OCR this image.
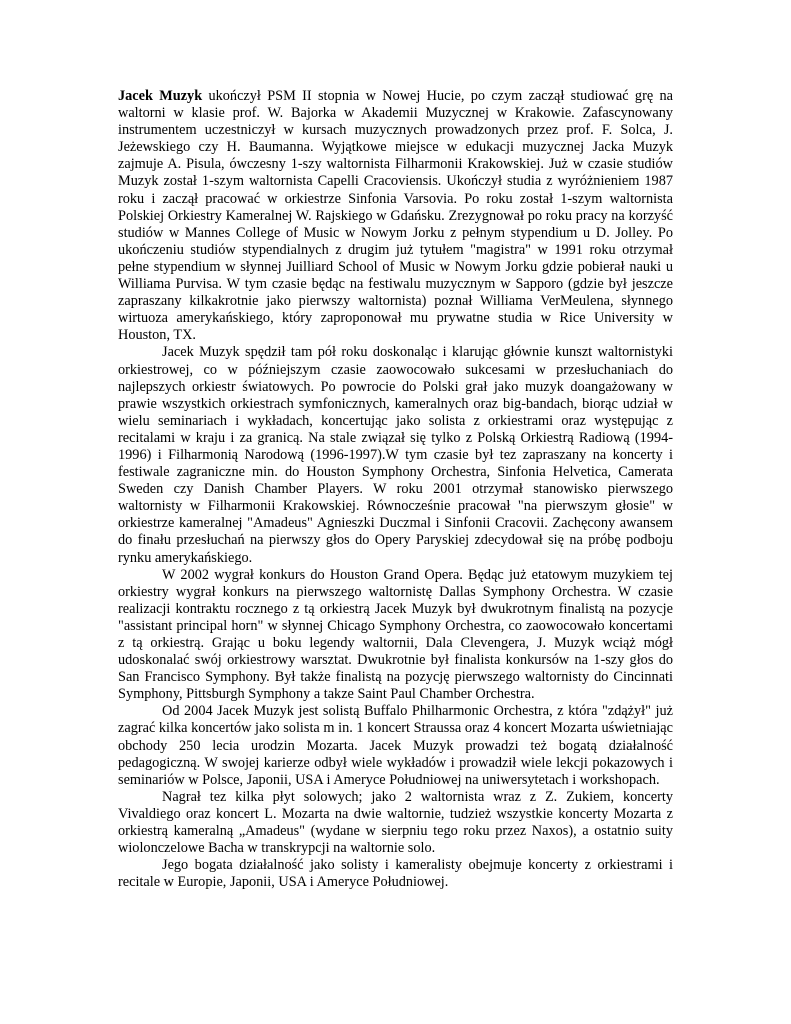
Jacek Muzyk ukończył PSM II stopnia w Nowej Hucie, po czym zaczął studiować grę na waltorni w klasie prof. W. Bajorka w Akademii Muzycznej w Krakowie. Zafascynowany instrumentem uczestniczył w kursach muzycznych prowadzonych przez prof. F. Solca, J. Jeżewskiego czy H. Baumanna. Wyjątkowe miejsce w edukacji muzycznej Jacka Muzyk zajmuje A. Pisula, ówczesny 1-szy waltornista Filharmonii Krakowskiej. Już w czasie studiów Muzyk został 1-szym waltornista Capelli Cracoviensis. Ukończył studia z wyróżnieniem 1987 roku i zaczął pracować w orkiestrze Sinfonia Varsovia. Po roku został 1-szym waltornista Polskiej Orkiestry Kameralnej W. Rajskiego w Gdańsku. Zrezygnował po roku pracy na korzyść studiów w Mannes College of Music w Nowym Jorku z pełnym stypendium u D. Jolley. Po ukończeniu studiów stypendialnych z drugim już tytułem "magistra" w 1991 roku otrzymał pełne stypendium w słynnej Juilliard School of Music w Nowym Jorku gdzie pobierał nauki u Williama Purvisa. W tym czasie będąc na festiwalu muzycznym w Sapporo (gdzie był jeszcze zapraszany kilkakrotnie jako pierwszy waltornista) poznał Williama VerMeulena, słynnego wirtuoza amerykańskiego, który zaproponował mu prywatne studia w Rice University w Houston, TX.

Jacek Muzyk spędził tam pół roku doskonaląc i klarując głównie kunszt waltornistyki orkiestrowej, co w późniejszym czasie zaowocowało sukcesami w przesłuchaniach do najlepszych orkiestr światowych. Po powrocie do Polski grał jako muzyk doangażowany w prawie wszystkich orkiestrach symfonicznych, kameralnych oraz big-bandach, biorąc udział w wielu seminariach i wykładach, koncertując jako solista z orkiestrami oraz występując z recitalami w kraju i za granicą. Na stale związał się tylko z Polską Orkiestrą Radiową (1994-1996) i Filharmonią Narodową (1996-1997).W tym czasie był tez zapraszany na koncerty i festiwale zagraniczne min. do Houston Symphony Orchestra, Sinfonia Helvetica, Camerata Sweden czy Danish Chamber Players. W roku 2001 otrzymał stanowisko pierwszego waltornisty w Filharmonii Krakowskiej. Równocześnie pracował "na pierwszym głosie" w orkiestrze kameralnej "Amadeus" Agnieszki Duczmal i Sinfonii Cracovii. Zachęcony awansem do finału przesłuchań na pierwszy głos do Opery Paryskiej zdecydował się na próbę podboju rynku amerykańskiego.

W 2002 wygrał konkurs do Houston Grand Opera. Będąc już etatowym muzykiem tej orkiestry wygrał konkurs na pierwszego waltornistę Dallas Symphony Orchestra. W czasie realizacji kontraktu rocznego z tą orkiestrą Jacek Muzyk był dwukrotnym finalistą na pozycje "assistant principal horn" w słynnej Chicago Symphony Orchestra, co zaowocowało koncertami z tą orkiestrą. Grając u boku legendy waltornii, Dala Clevengera, J. Muzyk wciąż mógł udoskonalać swój orkiestrowy warsztat. Dwukrotnie był finalista konkursów na 1-szy głos do San Francisco Symphony. Był także finalistą na pozycję pierwszego waltornisty do Cincinnati Symphony, Pittsburgh Symphony a takze Saint Paul Chamber Orchestra.

Od 2004 Jacek Muzyk jest solistą Buffalo Philharmonic Orchestra, z która "zdążył" już zagrać kilka koncertów jako solista m in. 1 koncert Straussa oraz 4 koncert Mozarta uświetniając obchody 250 lecia urodzin Mozarta. Jacek Muzyk prowadzi też bogatą działalność pedagogiczną. W swojej karierze odbył wiele wykładów i prowadził wiele lekcji pokazowych i seminariów w Polsce, Japonii, USA i Ameryce Południowej na uniwersytetach i workshopach.

Nagrał tez kilka płyt solowych; jako 2 waltornista wraz z Z. Zukiem, koncerty Vivaldiego oraz koncert L. Mozarta na dwie waltornie, tudzież wszystkie koncerty Mozarta z orkiestrą kameralną „Amadeus" (wydane w sierpniu tego roku przez Naxos), a ostatnio suity wiolonczelowe Bacha w transkrypcji na waltornie solo.

Jego bogata działalność jako solisty i kameralisty obejmuje koncerty z orkiestrami i recitale w Europie, Japonii, USA i Ameryce Południowej.
